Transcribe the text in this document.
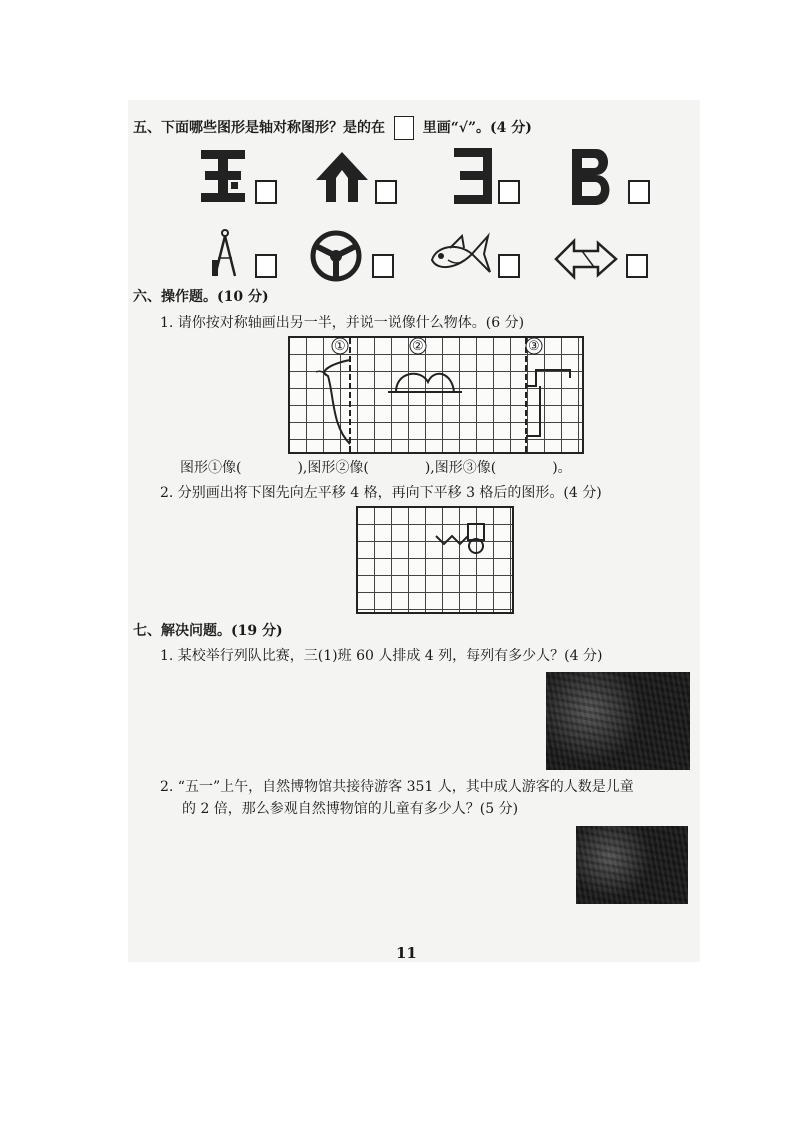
五、下面哪些图形是轴对称图形？是的在	里画“√”。(4 分)
六、操作题。(10 分)
1. 请你按对称轴画出另一半，并说一说像什么物体。(6 分)
①	②	③
图形①像(　　　　),图形②像(　　　　),图形③像(　　　　)。
2. 分别画出将下图先向左平移 4 格，再向下平移 3 格后的图形。(4 分)
七、解决问题。(19 分)
1. 某校举行列队比赛，三(1)班 60 人排成 4 列，每列有多少人？(4 分)
2. “五一”上午，自然博物馆共接待游客 351 人，其中成人游客的人数是儿童
的 2 倍，那么参观自然博物馆的儿童有多少人？(5 分)
11
